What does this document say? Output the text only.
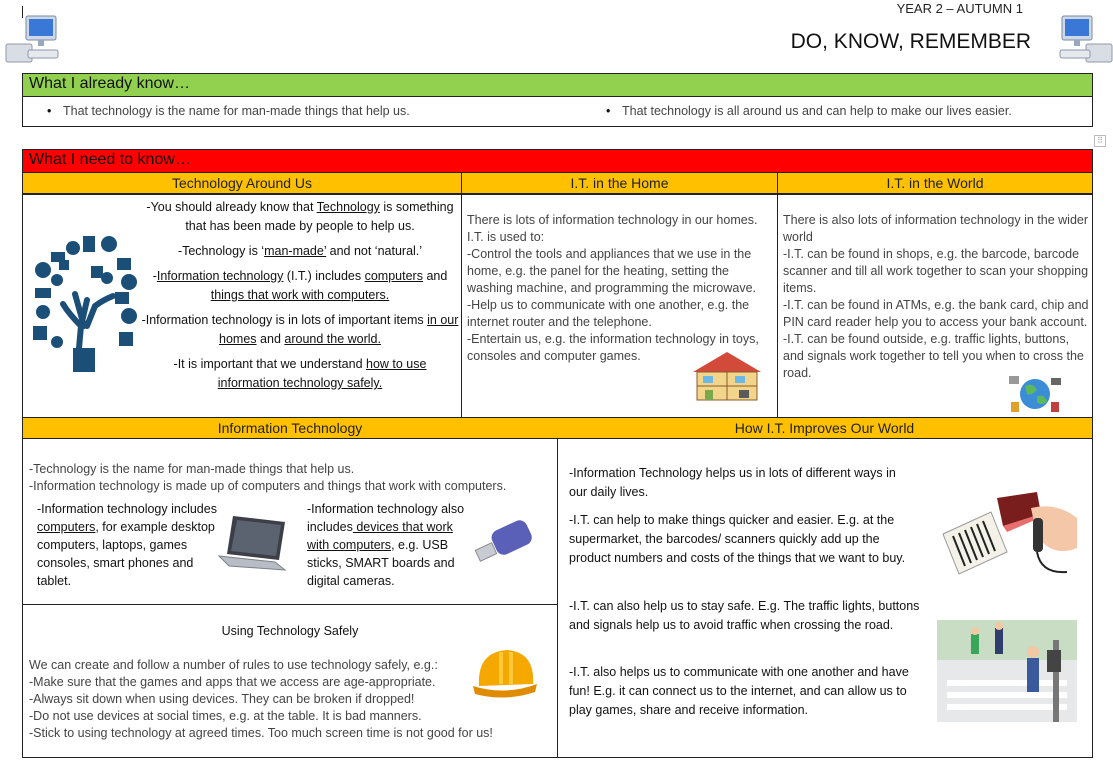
YEAR 2 – AUTUMN 1
DO, KNOW, REMEMBER
What I already know…
• That technology is the name for man-made things that help us.
•	That technology is all around us and can help to make our lives easier.
⠿
What I need to know…
Technology Around Us	I.T. in the Home	I.T. in the World

-You should already know that Technology is something that has been made by people to help us.

-Technology is ‘man-made’ and not ‘natural.’

-Information technology (I.T.) includes computers and things that work with computers.

-Information technology is in lots of important items in our homes and around the world.

-It is important that we understand how to use information technology safely.

There is lots of information technology in our homes. I.T. is used to:

-Control the tools and appliances that we use in the home, e.g. the panel for the heating, setting the washing machine, and programming the microwave.

-Help us to communicate with one another, e.g. the internet router and the telephone.

-Entertain us, e.g. the information technology in toys, consoles and computer games.

There is also lots of information technology in the wider world

-I.T. can be found in shops, e.g. the barcode, barcode scanner and till all work together to scan your shopping items.

-I.T. can be found in ATMs, e.g. the bank card, chip and PIN card reader help you to access your bank account.

-I.T. can be found outside, e.g. traffic lights, buttons, and signals work together to tell you when to cross the road.

Information Technology

-Technology is the name for man-made things that help us.

-Information technology is made up of computers and things that work with computers.

-Information technology includes computers, for example desktop computers, laptops, games consoles, smart phones and tablet.
-Information technology also includes devices that work with computers, e.g. USB sticks, SMART boards and digital cameras.
Using Technology Safely

We can create and follow a number of rules to use technology safely, e.g.:

-Make sure that the games and apps that we access are age-appropriate.

-Always sit down when using devices. They can be broken if dropped!

-Do not use devices at social times, e.g. at the table. It is bad manners.

-Stick to using technology at agreed times. Too much screen time is not good for us!

How I.T. Improves Our World
-Information Technology helps us in lots of different ways in our daily lives.
-I.T. can help to make things quicker and easier. E.g. at the supermarket, the barcodes/ scanners quickly add up the product numbers and costs of the things that we want to buy.
-I.T. can also help us to stay safe. E.g. The traffic lights, buttons and signals help us to avoid traffic when crossing the road.
-I.T. also helps us to communicate with one another and have fun! E.g. it can connect us to the internet, and can allow us to play games, share and receive information.
